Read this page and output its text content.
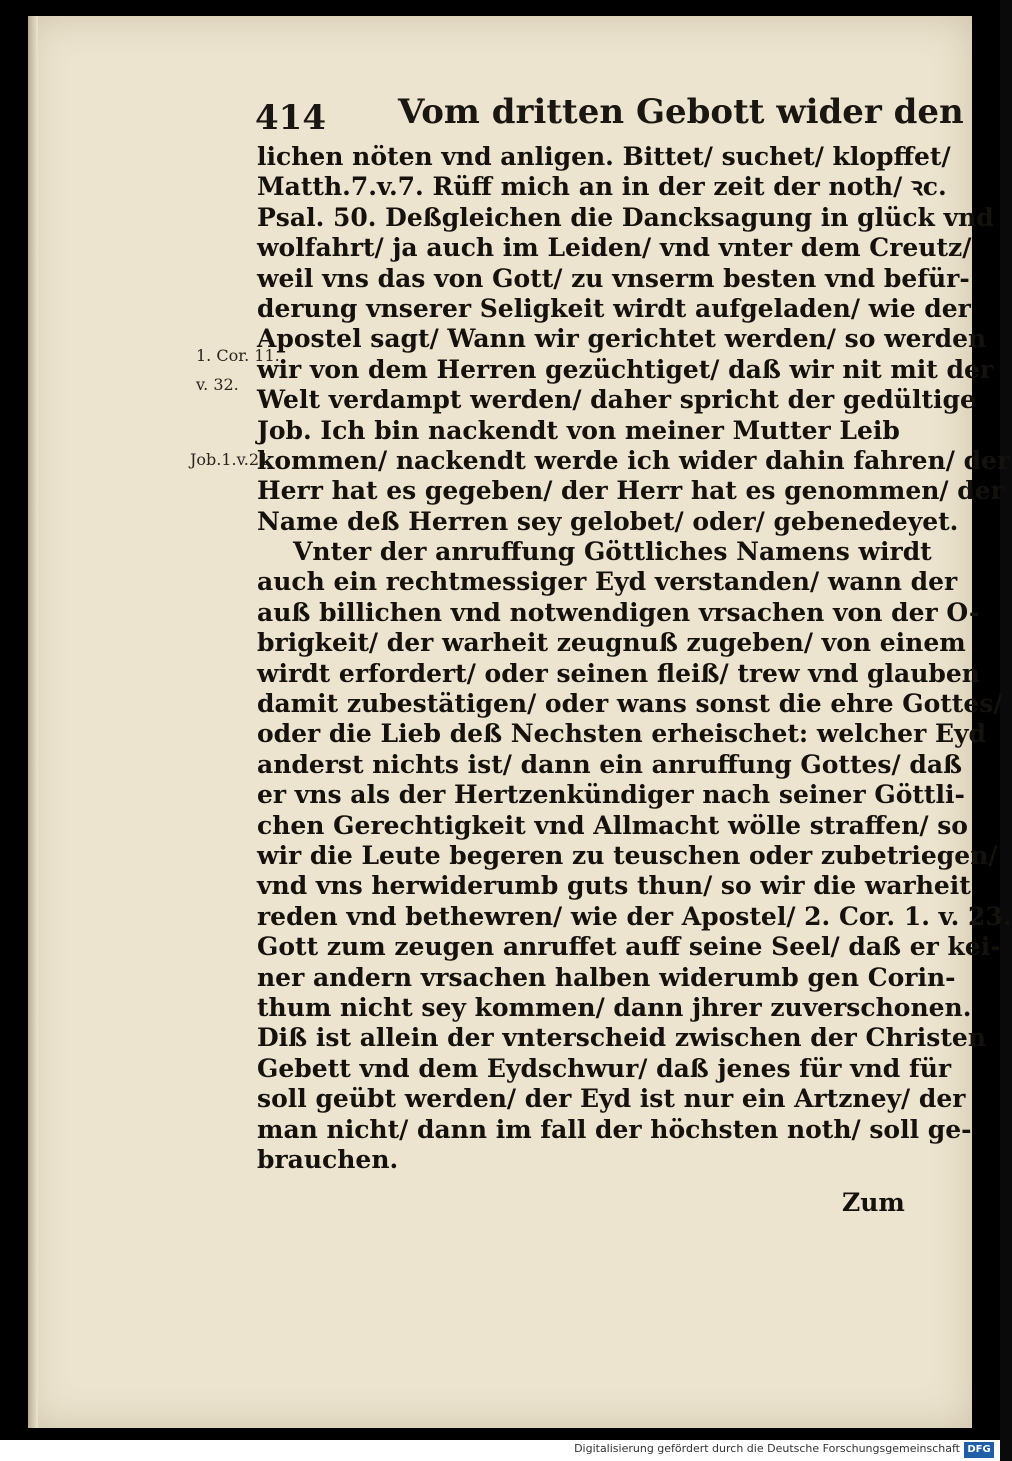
414 Vom dritten Gebott wider den
1. Cor. 11.
v. 32.
Job.1.v.21
lichen nöten vnd anligen. Bittet/ suchet/ klopffet/
Matth.7.v.7. Rüff mich an in der zeit der noth/ ꝛc.
Psal. 50. Deßgleichen die Dancksagung in glück vnd
wolfahrt/ ja auch im Leiden/ vnd vnter dem Creutz/
weil vns das von Gott/ zu vnserm besten vnd befür-
derung vnserer Seligkeit wirdt aufgeladen/ wie der
Apostel sagt/ Wann wir gerichtet werden/ so werden
wir von dem Herren gezüchtiget/ daß wir nit mit der
Welt verdampt werden/ daher spricht der gedültige
Job. Ich bin nackendt von meiner Mutter Leib
kommen/ nackendt werde ich wider dahin fahren/ der
Herr hat es gegeben/ der Herr hat es genommen/ der
Name deß Herren sey gelobet/ oder/ gebenedeyet.
Vnter der anruffung Göttliches Namens wirdt
auch ein rechtmessiger Eyd verstanden/ wann der
auß billichen vnd notwendigen vrsachen von der O-
brigkeit/ der warheit zeugnuß zugeben/ von einem
wirdt erfordert/ oder seinen fleiß/ trew vnd glauben
damit zubestätigen/ oder wans sonst die ehre Gottes/
oder die Lieb deß Nechsten erheischet: welcher Eyd
anderst nichts ist/ dann ein anruffung Gottes/ daß
er vns als der Hertzenkündiger nach seiner Göttli-
chen Gerechtigkeit vnd Allmacht wölle straffen/ so
wir die Leute begeren zu teuschen oder zubetriegen/
vnd vns herwiderumb guts thun/ so wir die warheit
reden vnd bethewren/ wie der Apostel/ 2. Cor. 1. v. 23.
Gott zum zeugen anruffet auff seine Seel/ daß er kei-
ner andern vrsachen halben widerumb gen Corin-
thum nicht sey kommen/ dann jhrer zuverschonen.
Diß ist allein der vnterscheid zwischen der Christen
Gebett vnd dem Eydschwur/ daß jenes für vnd für
soll geübt werden/ der Eyd ist nur ein Artzney/ der
man nicht/ dann im fall der höchsten noth/ soll ge-
brauchen.
Zum
Digitalisierung gefördert durch die Deutsche Forschungsgemeinschaft DFG
